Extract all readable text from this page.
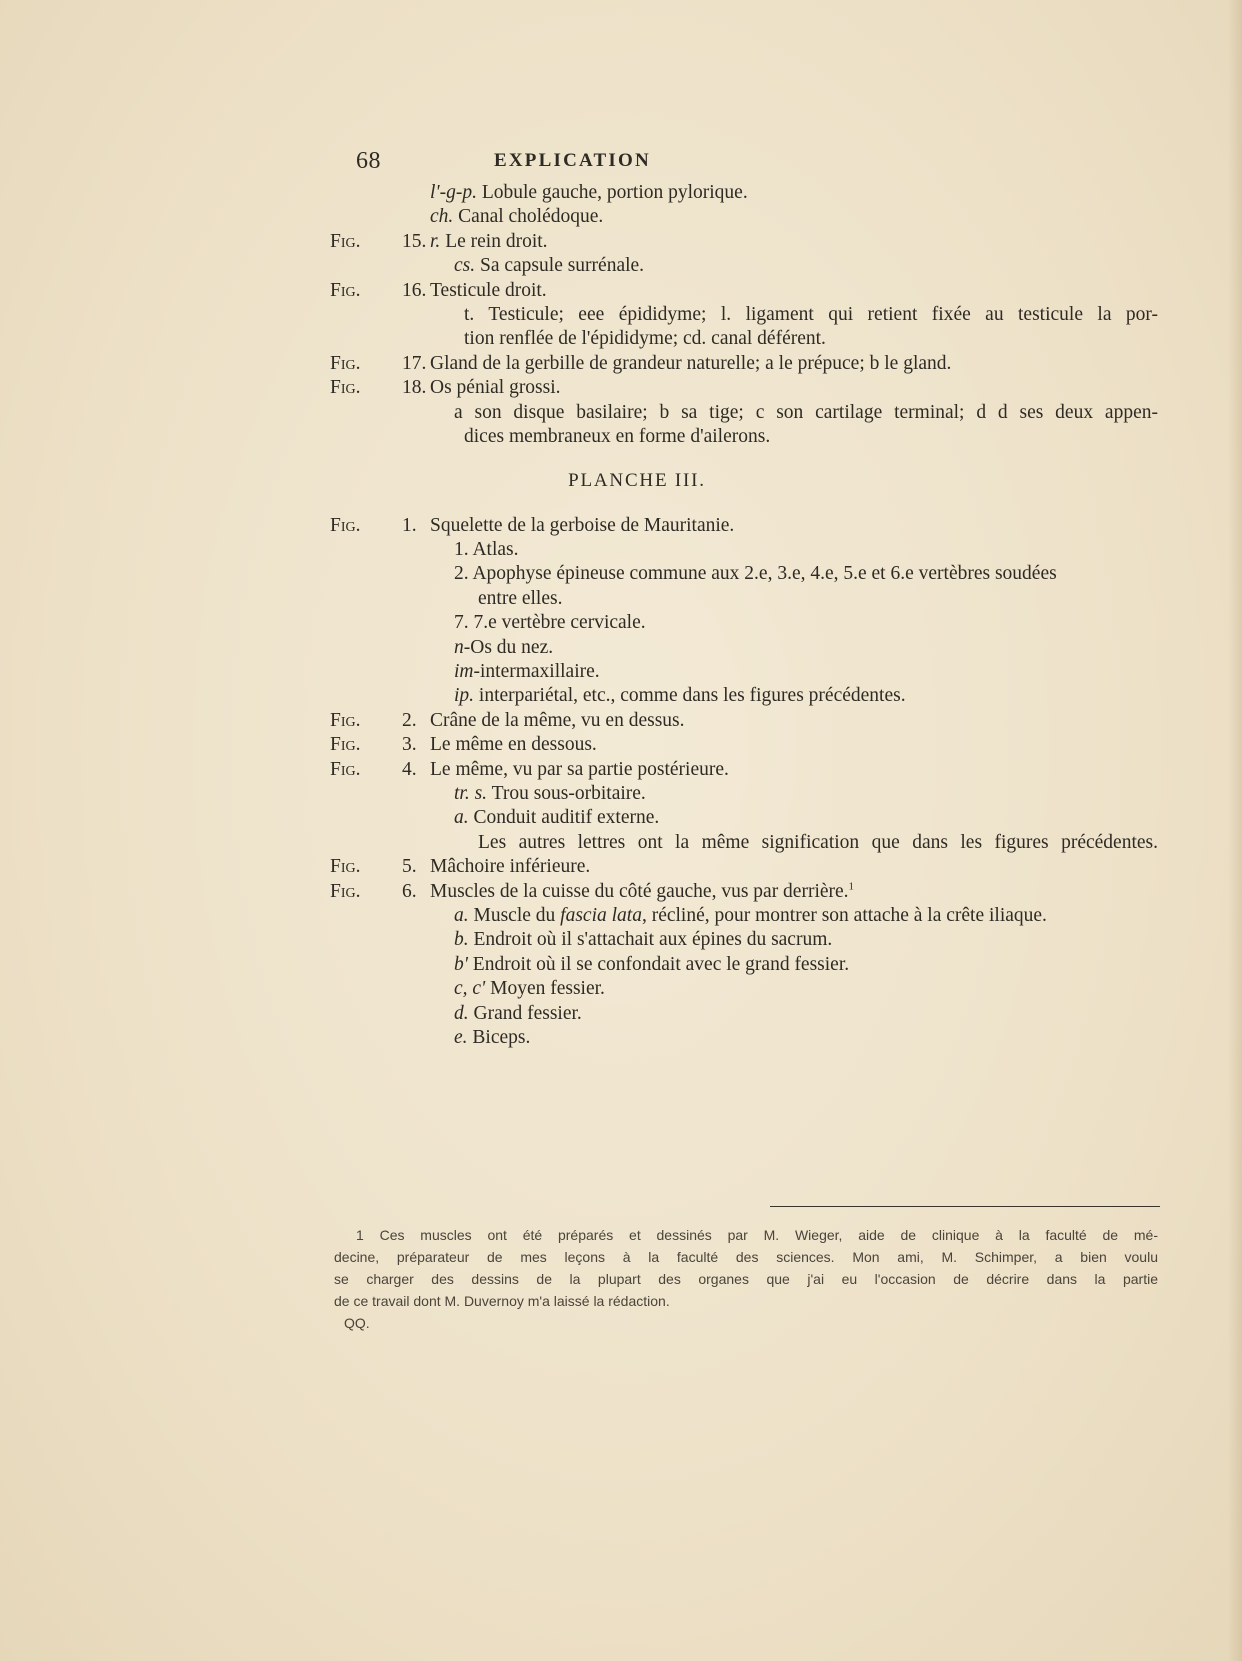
68	EXPLICATION
l'-g-p. Lobule gauche, portion pylorique.
ch. Canal cholédoque.
Fig. 15. r. Le rein droit.
cs. Sa capsule surrénale.
Fig. 16. Testicule droit.
t. Testicule; eee épididyme; l. ligament qui retient fixée au testicule la por-
tion renflée de l'épididyme; cd. canal déférent.
Fig. 17. Gland de la gerbille de grandeur naturelle; a le prépuce; b le gland.
Fig. 18. Os pénial grossi.
a son disque basilaire; b sa tige; c son cartilage terminal; d d ses deux appen-
dices membraneux en forme d'ailerons.
PLANCHE III.
Fig. 1. Squelette de la gerboise de Mauritanie.
1. Atlas.
2. Apophyse épineuse commune aux 2.e, 3.e, 4.e, 5.e et 6.e vertèbres soudées
entre elles.
7. 7.e vertèbre cervicale.
n-Os du nez.
im-intermaxillaire.
ip. interpariétal, etc., comme dans les figures précédentes.
Fig. 2. Crâne de la même, vu en dessus.
Fig. 3. Le même en dessous.
Fig. 4. Le même, vu par sa partie postérieure.
tr. s. Trou sous-orbitaire.
a. Conduit auditif externe.
Les autres lettres ont la même signification que dans les figures précédentes.
Fig. 5. Mâchoire inférieure.
Fig. 6. Muscles de la cuisse du côté gauche, vus par derrière.$^1$
a. Muscle du fascia lata, récliné, pour montrer son attache à la crête iliaque.
b. Endroit où il s'attachait aux épines du sacrum.
b' Endroit où il se confondait avec le grand fessier.
c, c' Moyen fessier.
d. Grand fessier.
e. Biceps.
1 Ces muscles ont été préparés et dessinés par M. Wieger, aide de clinique à la faculté de mé-
decine, préparateur de mes leçons à la faculté des sciences. Mon ami, M. Schimper, a bien voulu
se charger des dessins de la plupart des organes que j'ai eu l'occasion de décrire dans la partie
de ce travail dont M. Duvernoy m'a laissé la rédaction.
QQ.
